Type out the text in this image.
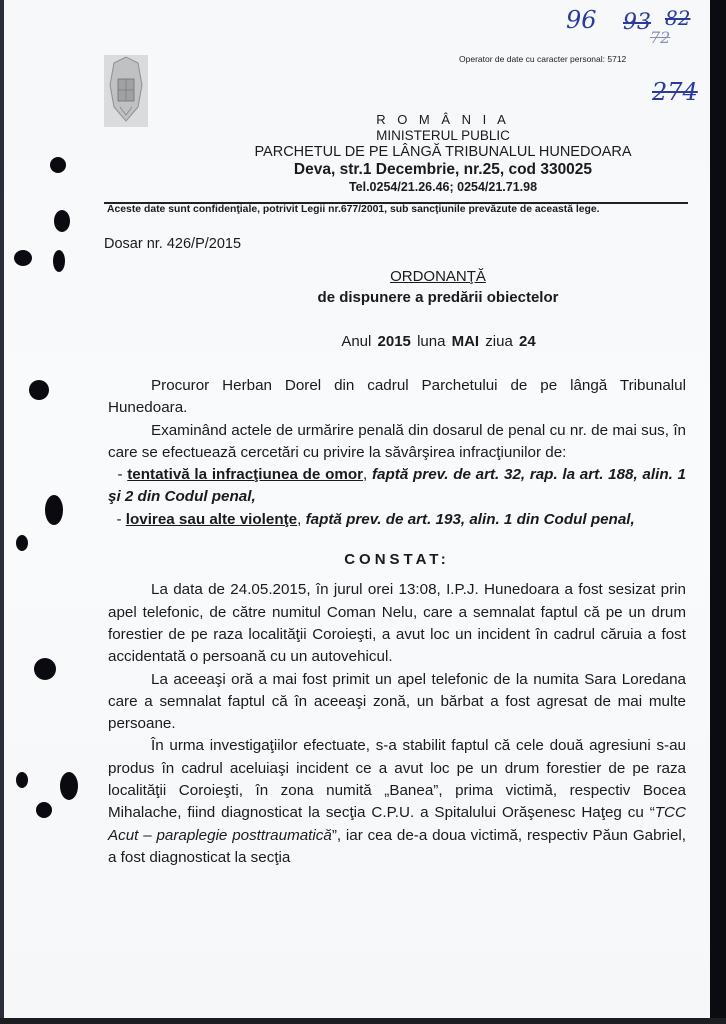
96 93 82
72
274
Operator de date cu caracter personal: 5712
R O M Â N I A
MINISTERUL PUBLIC
PARCHETUL DE PE LÂNGĂ TRIBUNALUL HUNEDOARA
Deva, str.1 Decembrie, nr.25, cod 330025
Tel.0254/21.26.46; 0254/21.71.98
Aceste date sunt confidenţiale, potrivit Legii nr.677/2001, sub sancţiunile prevăzute de această lege.
Dosar nr. 426/P/2015
ORDONANŢĂ
de dispunere a predării obiectelor
Anul 2015 luna MAI ziua 24

Procuror Herban Dorel din cadrul Parchetului de pe lângă Tribunalul Hunedoara.

Examinând actele de urmărire penală din dosarul de penal cu nr. de mai sus, în care se efectuează cercetări cu privire la săvârşirea infracţiunilor de:

- tentativă la infracţiunea de omor, faptă prev. de art. 32, rap. la art. 188, alin. 1 şi 2 din Codul penal,

- lovirea sau alte violenţe, faptă prev. de art. 193, alin. 1 din Codul penal,

CONSTAT:

La data de 24.05.2015, în jurul orei 13:08, I.P.J. Hunedoara a fost sesizat prin apel telefonic, de către numitul Coman Nelu, care a semnalat faptul că pe un drum forestier de pe raza localităţii Coroieşti, a avut loc un incident în cadrul căruia a fost accidentată o persoană cu un autovehicul.

La aceeaşi oră a mai fost primit un apel telefonic de la numita Sara Loredana care a semnalat faptul că în aceeaşi zonă, un bărbat a fost agresat de mai multe persoane.

În urma investigaţiilor efectuate, s-a stabilit faptul că cele două agresiuni s-au produs în cadrul aceluiaşi incident ce a avut loc pe un drum forestier de pe raza localităţii Coroieşti, în zona numită „Banea”, prima victimă, respectiv Bocea Mihalache, fiind diagnosticat la secţia C.P.U. a Spitalului Orăşenesc Haţeg cu “TCC Acut – paraplegie posttraumatică”, iar cea de-a doua victimă, respectiv Păun Gabriel, a fost diagnosticat la secţia
